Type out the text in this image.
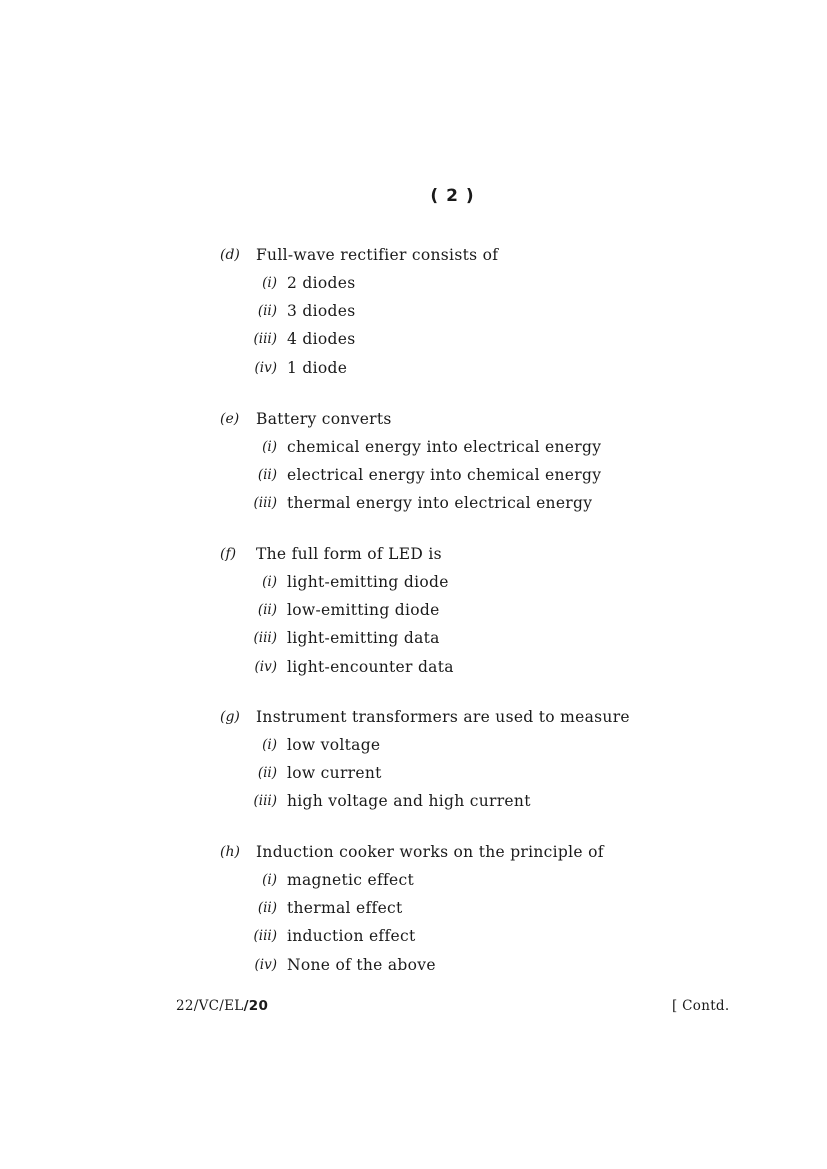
( 2 )
(d) Full-wave rectifier consists of
(i) 2 diodes
(ii) 3 diodes
(iii) 4 diodes
(iv) 1 diode
(e) Battery converts
(i) chemical energy into electrical energy
(ii) electrical energy into chemical energy
(iii) thermal energy into electrical energy
(f) The full form of LED is
(i) light-emitting diode
(ii) low-emitting diode
(iii) light-emitting data
(iv) light-encounter data
(g) Instrument transformers are used to measure
(i) low voltage
(ii) low current
(iii) high voltage and high current
(h) Induction cooker works on the principle of
(i) magnetic effect
(ii) thermal effect
(iii) induction effect
(iv) None of the above
22/VC/EL/20	[ Contd.
